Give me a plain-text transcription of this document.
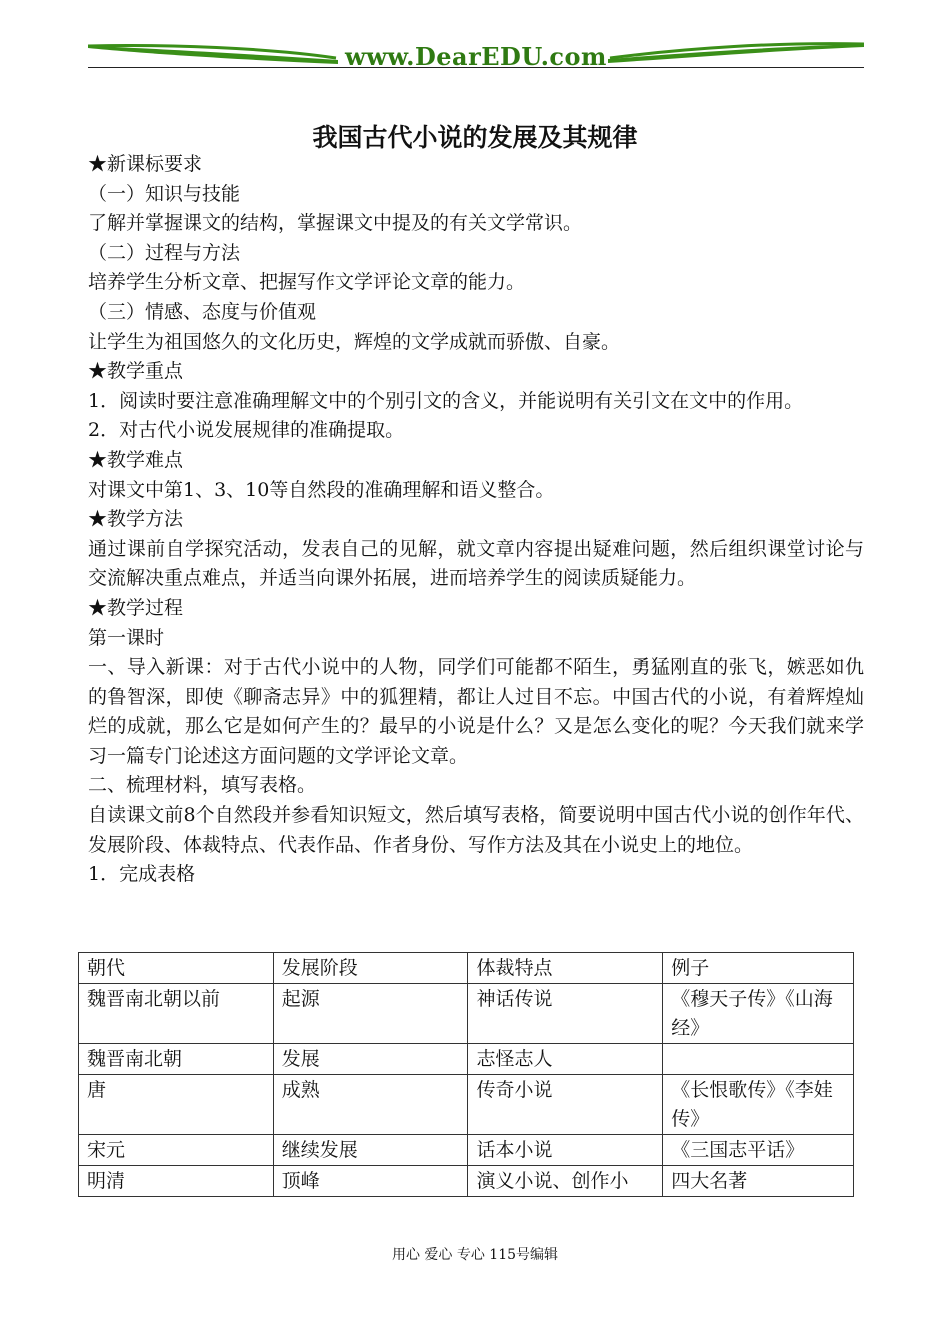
www.DearEDU.com
我国古代小说的发展及其规律

★新课标要求

（一）知识与技能

了解并掌握课文的结构，掌握课文中提及的有关文学常识。

（二）过程与方法

培养学生分析文章、把握写作文学评论文章的能力。

（三）情感、态度与价值观

让学生为祖国悠久的文化历史，辉煌的文学成就而骄傲、自豪。

★教学重点

1．阅读时要注意准确理解文中的个别引文的含义，并能说明有关引文在文中的作用。

2．对古代小说发展规律的准确提取。

★教学难点

对课文中第1、3、10等自然段的准确理解和语义整合。

★教学方法

通过课前自学探究活动，发表自己的见解，就文章内容提出疑难问题，然后组织课堂讨论与交流解决重点难点，并适当向课外拓展，进而培养学生的阅读质疑能力。

★教学过程

第一课时

一、导入新课：对于古代小说中的人物，同学们可能都不陌生，勇猛刚直的张飞，嫉恶如仇的鲁智深，即使《聊斋志异》中的狐狸精，都让人过目不忘。中国古代的小说，有着辉煌灿烂的成就，那么它是如何产生的？最早的小说是什么？又是怎么变化的呢？今天我们就来学习一篇专门论述这方面问题的文学评论文章。

二、梳理材料，填写表格。

自读课文前8个自然段并参看知识短文，然后填写表格，简要说明中国古代小说的创作年代、发展阶段、体裁特点、代表作品、作者身份、写作方法及其在小说史上的地位。

1．完成表格

朝代	发展阶段	体裁特点	例子
魏晋南北朝以前	起源	神话传说	《穆天子传》《山海经》
魏晋南北朝	发展	志怪志人	
唐	成熟	传奇小说	《长恨歌传》《李娃传》
宋元	继续发展	话本小说	《三国志平话》
明清	顶峰	演义小说、创作小	四大名著
用心 爱心 专心 115号编辑
